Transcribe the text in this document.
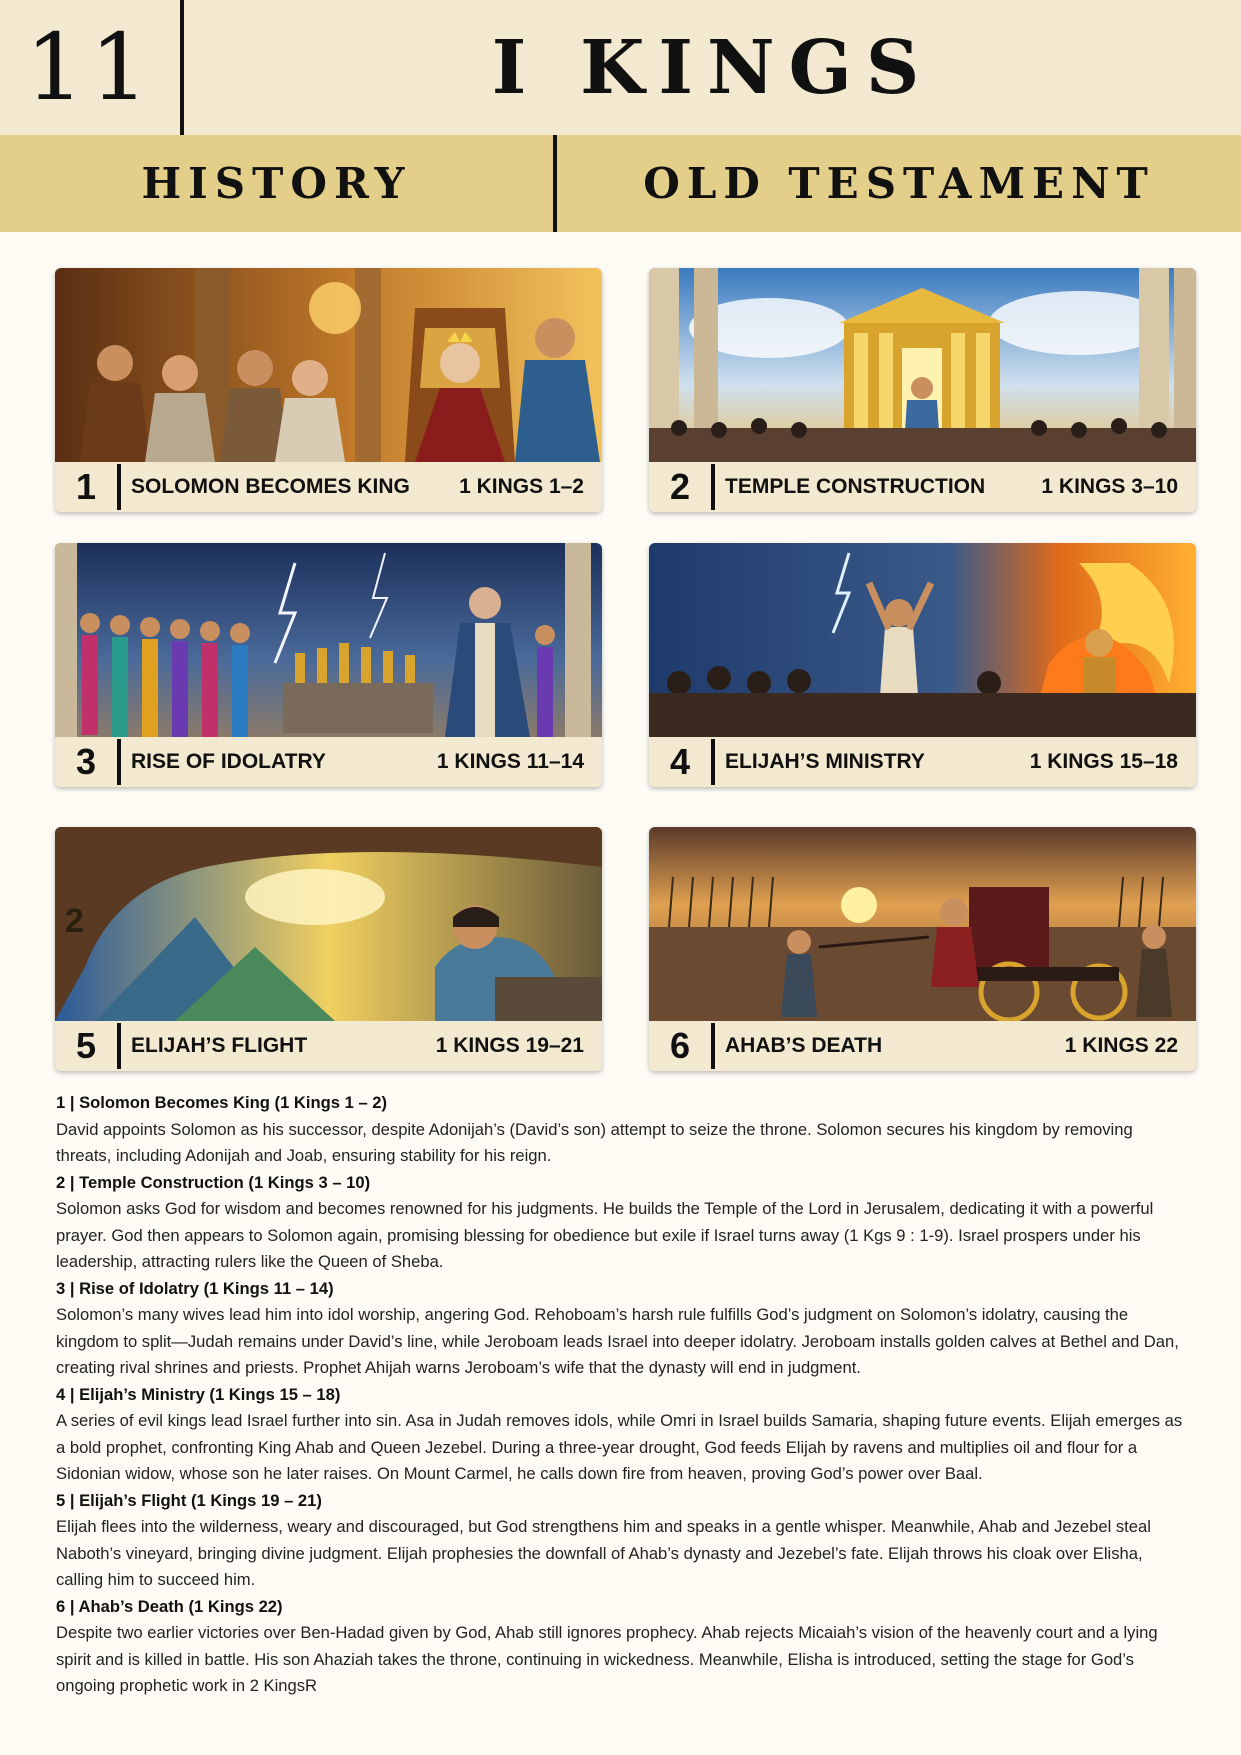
11	I KINGS
HISTORY	OLD TESTAMENT
1	SOLOMON BECOMES KING 1 KINGS 1–2	2	TEMPLE CONSTRUCTION	1 KINGS 3–10
3	RISE OF IDOLATRY	1 KINGS 11–14	4	ELIJAH’S MINISTRY	1 KINGS 15–18
2
5	ELIJAH’S FLIGHT	1 KINGS 19–21	6	AHAB’S DEATH	1 KINGS 22
1 | Solomon Becomes King (1 Kings 1 – 2)
David appoints Solomon as his successor, despite Adonijah’s (David’s son) attempt to seize the throne. Solomon secures his kingdom by removing threats, including Adonijah and Joab, ensuring stability for his reign.
2 | Temple Construction (1 Kings 3 – 10)
Solomon asks God for wisdom and becomes renowned for his judgments. He builds the Temple of the Lord in Jerusalem, dedicating it with a powerful prayer. God then appears to Solomon again, promising blessing for obedience but exile if Israel turns away (1 Kgs 9 : 1-9). Israel prospers under his leadership, attracting rulers like the Queen of Sheba.
3 | Rise of Idolatry (1 Kings 11 – 14)
Solomon’s many wives lead him into idol worship, angering God. Rehoboam’s harsh rule fulfills God’s judgment on Solomon’s idolatry, causing the kingdom to split—Judah remains under David’s line, while Jeroboam leads Israel into deeper idolatry. Jeroboam installs golden calves at Bethel and Dan, creating rival shrines and priests. Prophet Ahijah warns Jeroboam’s wife that the dynasty will end in judgment.
4 | Elijah’s Ministry (1 Kings 15 – 18)
A series of evil kings lead Israel further into sin. Asa in Judah removes idols, while Omri in Israel builds Samaria, shaping future events. Elijah emerges as a bold prophet, confronting King Ahab and Queen Jezebel. During a three-year drought, God feeds Elijah by ravens and multiplies oil and flour for a Sidonian widow, whose son he later raises. On Mount Carmel, he calls down fire from heaven, proving God’s power over Baal.
5 | Elijah’s Flight (1 Kings 19 – 21)
Elijah flees into the wilderness, weary and discouraged, but God strengthens him and speaks in a gentle whisper. Meanwhile, Ahab and Jezebel steal Naboth’s vineyard, bringing divine judgment. Elijah prophesies the downfall of Ahab’s dynasty and Jezebel’s fate. Elijah throws his cloak over Elisha, calling him to succeed him.
6 | Ahab’s Death (1 Kings 22)
Despite two earlier victories over Ben-Hadad given by God, Ahab still ignores prophecy. Ahab rejects Micaiah’s vision of the heavenly court and a lying spirit and is killed in battle. His son Ahaziah takes the throne, continuing in wickedness. Meanwhile, Elisha is introduced, setting the stage for God’s ongoing prophetic work in 2 KingsR
